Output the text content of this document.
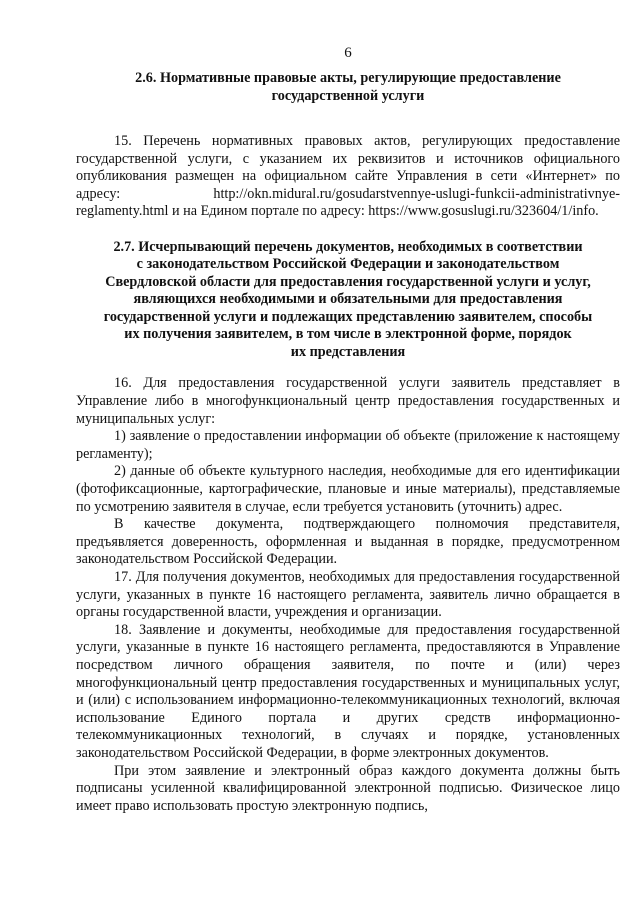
6
2.6. Нормативные правовые акты, регулирующие предоставление
государственной услуги

15. Перечень нормативных правовых актов, регулирующих предоставление государственной услуги, с указанием их реквизитов и источников официального опубликования размещен на официальном сайте Управления в сети «Интернет» по адресу: http://okn.midural.ru/gosudarstvennye-uslugi-funkcii-administrativnye-reglamenty.html и на Едином портале по адресу: https://www.gosuslugi.ru/323604/1/info.

2.7. Исчерпывающий перечень документов, необходимых в соответствии
с законодательством Российской Федерации и законодательством
Свердловской области для предоставления государственной услуги и услуг,
являющихся необходимыми и обязательными для предоставления
государственной услуги и подлежащих представлению заявителем, способы
их получения заявителем, в том числе в электронной форме, порядок
их представления

16. Для предоставления государственной услуги заявитель представляет в Управление либо в многофункциональный центр предоставления государственных и муниципальных услуг:

1) заявление о предоставлении информации об объекте (приложение к настоящему регламенту);

2) данные об объекте культурного наследия, необходимые для его идентификации (фотофиксационные, картографические, плановые и иные материалы), представляемые по усмотрению заявителя в случае, если требуется установить (уточнить) адрес.

В качестве документа, подтверждающего полномочия представителя, предъявляется доверенность, оформленная и выданная в порядке, предусмотренном законодательством Российской Федерации.

17. Для получения документов, необходимых для предоставления государственной услуги, указанных в пункте 16 настоящего регламента, заявитель лично обращается в органы государственной власти, учреждения и организации.

18. Заявление и документы, необходимые для предоставления государственной услуги, указанные в пункте 16 настоящего регламента, предоставляются в Управление посредством личного обращения заявителя, по почте и (или) через многофункциональный центр предоставления государственных и муниципальных услуг, и (или) с использованием информационно-телекоммуникационных технологий, включая использование Единого портала и других средств информационно-телекоммуникационных технологий, в случаях и порядке, установленных законодательством Российской Федерации, в форме электронных документов.

При этом заявление и электронный образ каждого документа должны быть подписаны усиленной квалифицированной электронной подписью. Физическое лицо имеет право использовать простую электронную подпись,
